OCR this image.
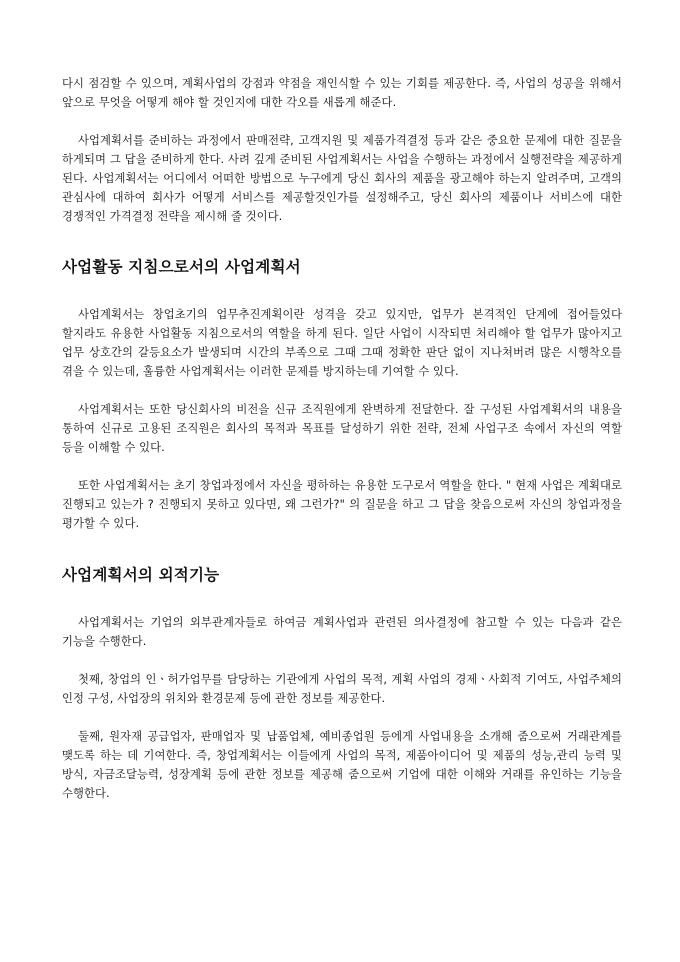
다시 점검할 수 있으며, 계획사업의 강점과 약점을 재인식할 수 있는 기회를 제공한다. 즉, 사업의 성공을 위해서 앞으로 무엇을 어떻게 해야 할 것인지에 대한 각오를 새롭게 해준다.

사업계획서를 준비하는 과정에서 판매전략, 고객지원 및 제품가격결정 등과 같은 중요한 문제에 대한 질문을 하게되며 그 답을 준비하게 한다. 사려 깊게 준비된 사업계획서는 사업을 수행하는 과정에서 실행전략을 제공하게 된다. 사업계획서는 어디에서 어떠한 방법으로 누구에게 당신 회사의 제품을 광고해야 하는지 알려주며, 고객의 관심사에 대하여 회사가 어떻게 서비스를 제공할것인가를 설정해주고, 당신 회사의 제품이나 서비스에 대한 경쟁적인 가격결정 전략을 제시해 줄 것이다.

사업활동 지침으로서의 사업계획서

사업계획서는 창업초기의 업무추진계획이란 성격을 갖고 있지만, 업무가 본격적인 단계에 접어들었다 할지라도 유용한 사업활동 지침으로서의 역할을 하게 된다. 일단 사업이 시작되면 처리해야 할 업무가 많아지고 업무 상호간의 갈등요소가 발생되며 시간의 부족으로 그때 그때 정확한 판단 없이 지나쳐버려 많은 시행착오를 겪을 수 있는데, 훌륭한 사업계획서는 이러한 문제를 방지하는데 기여할 수 있다.

사업계획서는 또한 당신회사의 비전을 신규 조직원에게 완벽하게 전달한다. 잘 구성된 사업계획서의 내용을 통하여 신규로 고용된 조직원은 회사의 목적과 목표를 달성하기 위한 전략, 전체 사업구조 속에서 자신의 역할 등을 이해할 수 있다.

또한 사업계획서는 초기 창업과정에서 자신을 평하하는 유용한 도구로서 역할을 한다. " 현재 사업은 계획대로 진행되고 있는가 ? 진행되지 못하고 있다면, 왜 그런가?" 의 질문을 하고 그 답을 찾음으로써 자신의 창업과정을 평가할 수 있다.

사업계획서의 외적기능

사업계획서는 기업의 외부관계자들로 하여금 계획사업과 관련된 의사결정에 참고할 수 있는 다음과 같은 기능을 수행한다.

첫째, 창업의 인ㆍ허가업무를 담당하는 기관에게 사업의 목적, 계획 사업의 경제ㆍ사회적 기여도, 사업주체의 인정 구성, 사업장의 위치와 환경문제 등에 관한 정보를 제공한다.

둘째, 원자재 공급업자, 판매업자 및 납품업체, 예비종업원 등에게 사업내용을 소개해 줌으로써 거래관계를 맺도록 하는 데 기여한다. 즉, 창업계획서는 이들에게 사업의 목적, 제품아이디어 및 제품의 성능,관리 능력 및 방식, 자금조달능력, 성장계획 등에 관한 정보를 제공해 줌으로써 기업에 대한 이해와 거래를 유인하는 기능을 수행한다.
